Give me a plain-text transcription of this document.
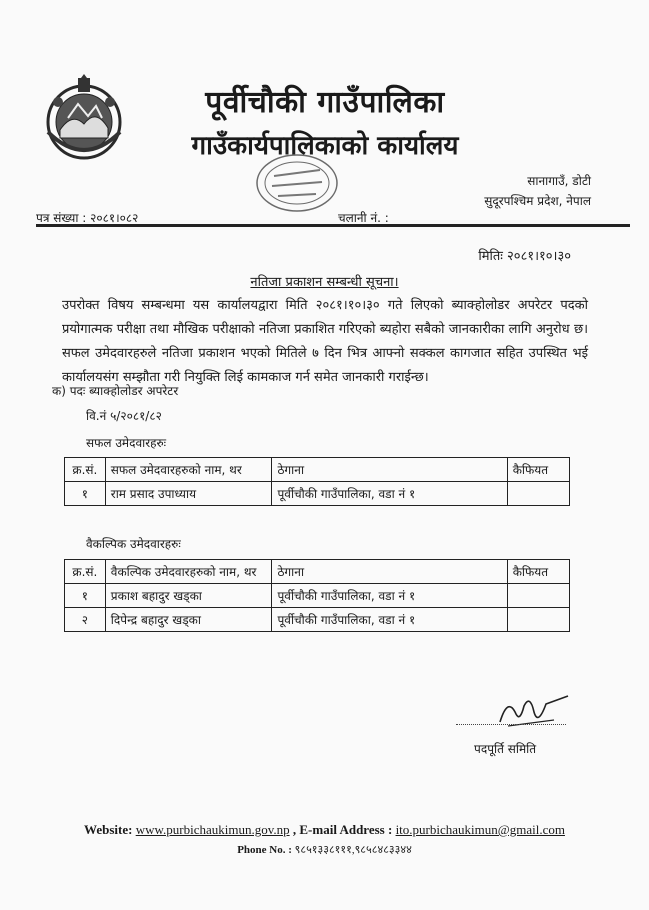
पूर्वीचौकी गाउँपालिका
गाउँकार्यपालिकाको कार्यालय
सानागाउँ, डोटी
सुदूरपश्चिम प्रदेश, नेपाल
पत्र संख्या : २०८१।०८२	चलानी नं. :
मितिः २०८१।१०।३०
नतिजा प्रकाशन सम्बन्धी सूचना।
उपरोक्त विषय सम्बन्धमा यस कार्यालयद्वारा मिति २०८१।१०।३० गते लिएको ब्याक्होलोडर अपरेटर पदको प्रयोगात्मक परीक्षा तथा मौखिक परीक्षाको नतिजा प्रकाशित गरिएको ब्यहोरा सबैको जानकारीका लागि अनुरोध छ। सफल उमेदवारहरुले नतिजा प्रकाशन भएको मितिले ७ दिन भित्र आफ्नो सक्कल कागजात सहित उपस्थित भई कार्यालयसंग सम्झौता गरी नियुक्ति लिई कामकाज गर्न समेत जानकारी गराईन्छ।
क) पदः ब्याक्होलोडर अपरेटर
वि.नं ५/२०८१/८२
सफल उमेदवारहरुः
क्र.सं.	सफल उमेदवारहरुको नाम, थर	ठेगाना	कैफियत
१	राम प्रसाद उपाध्याय	पूर्वीचौकी गाउँपालिका, वडा नं १	
वैकल्पिक उमेदवारहरुः
क्र.सं.	वैकल्पिक उमेदवारहरुको नाम, थर	ठेगाना	कैफियत
१	प्रकाश बहादुर खड्का	पूर्वीचौकी गाउँपालिका, वडा नं १	
२	दिपेन्द्र बहादुर खड्का	पूर्वीचौकी गाउँपालिका, वडा नं १	
पदपूर्ति समिति
Website: www.purbichaukimun.gov.np , E-mail Address : ito.purbichaukimun@gmail.com
Phone No. : ९८५१३३८१११,९८५८४८३३४४
